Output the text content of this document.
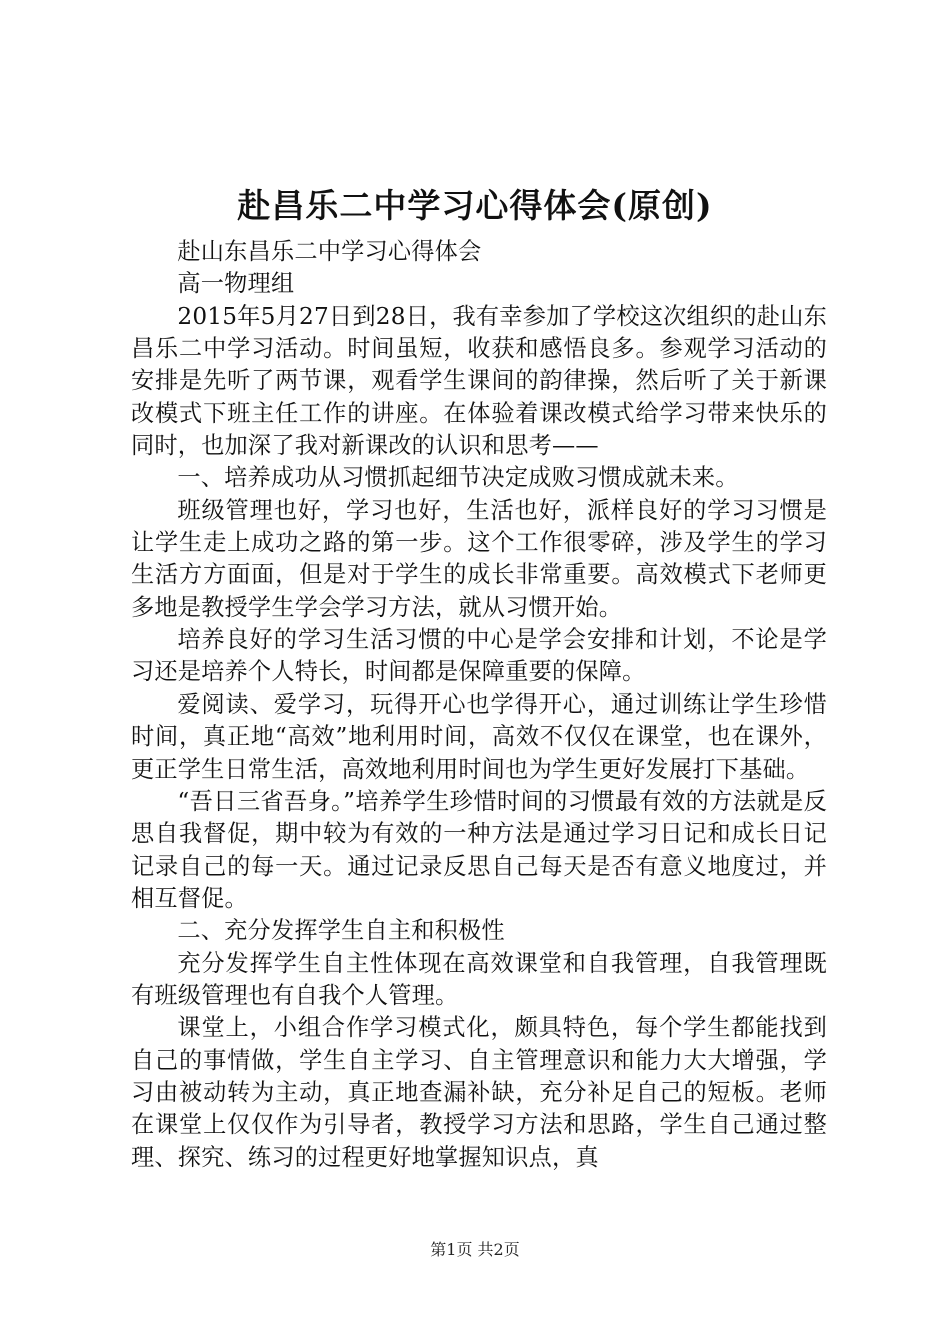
赴昌乐二中学习心得体会(原创)

赴山东昌乐二中学习心得体会

高一物理组

2015年5月27日到28日，我有幸参加了学校这次组织的赴山东昌乐二中学习活动。时间虽短，收获和感悟良多。参观学习活动的安排是先听了两节课，观看学生课间的韵律操，然后听了关于新课改模式下班主任工作的讲座。在体验着课改模式给学习带来快乐的同时，也加深了我对新课改的认识和思考——

一、培养成功从习惯抓起细节决定成败习惯成就未来。

班级管理也好，学习也好，生活也好，派样良好的学习习惯是让学生走上成功之路的第一步。这个工作很零碎，涉及学生的学习生活方方面面，但是对于学生的成长非常重要。高效模式下老师更多地是教授学生学会学习方法，就从习惯开始。

培养良好的学习生活习惯的中心是学会安排和计划，不论是学习还是培养个人特长，时间都是保障重要的保障。

爱阅读、爱学习，玩得开心也学得开心，通过训练让学生珍惜时间，真正地“高效”地利用时间，高效不仅仅在课堂，也在课外，更正学生日常生活，高效地利用时间也为学生更好发展打下基础。

“吾日三省吾身。”培养学生珍惜时间的习惯最有效的方法就是反思自我督促，期中较为有效的一种方法是通过学习日记和成长日记记录自己的每一天。通过记录反思自己每天是否有意义地度过，并相互督促。

二、充分发挥学生自主和积极性

充分发挥学生自主性体现在高效课堂和自我管理，自我管理既有班级管理也有自我个人管理。

课堂上，小组合作学习模式化，颇具特色，每个学生都能找到自己的事情做，学生自主学习、自主管理意识和能力大大增强，学习由被动转为主动，真正地查漏补缺，充分补足自己的短板。老师在课堂上仅仅作为引导者，教授学习方法和思路，学生自己通过整理、探究、练习的过程更好地掌握知识点，真

第1页 共2页
